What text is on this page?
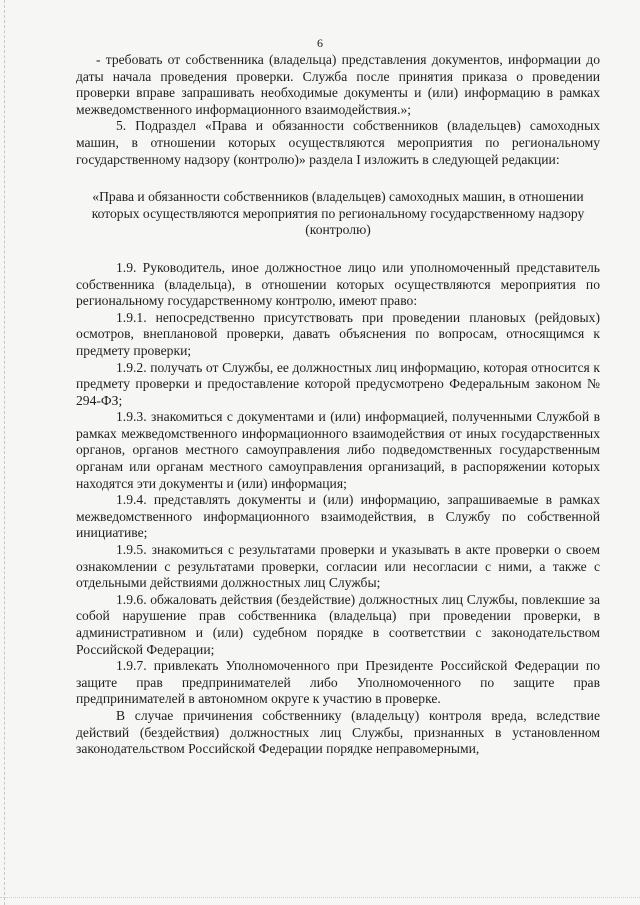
6

- требовать от собственника (владельца) представления документов, информации до даты начала проведения проверки. Служба после принятия приказа о проведении проверки вправе запрашивать необходимые документы и (или) информацию в рамках межведомственного информационного взаимодействия.»;

5. Подраздел «Права и обязанности собственников (владельцев) самоходных машин, в отношении которых осуществляются мероприятия по региональному государственному надзору (контролю)» раздела I изложить в следующей редакции:

«Права и обязанности собственников (владельцев) самоходных машин, в отношении которых осуществляются мероприятия по региональному государственному надзору (контролю)

1.9. Руководитель, иное должностное лицо или уполномоченный представитель собственника (владельца), в отношении которых осуществляются мероприятия по региональному государственному контролю, имеют право:

1.9.1. непосредственно присутствовать при проведении плановых (рейдовых) осмотров, внеплановой проверки, давать объяснения по вопросам, относящимся к предмету проверки;

1.9.2. получать от Службы, ее должностных лиц информацию, которая относится к предмету проверки и предоставление которой предусмотрено Федеральным законом № 294-ФЗ;

1.9.3. знакомиться с документами и (или) информацией, полученными Службой в рамках межведомственного информационного взаимодействия от иных государственных органов, органов местного самоуправления либо подведомственных государственным органам или органам местного самоуправления организаций, в распоряжении которых находятся эти документы и (или) информация;

1.9.4. представлять документы и (или) информацию, запрашиваемые в рамках межведомственного информационного взаимодействия, в Службу по собственной инициативе;

1.9.5. знакомиться с результатами проверки и указывать в акте проверки о своем ознакомлении с результатами проверки, согласии или несогласии с ними, а также с отдельными действиями должностных лиц Службы;

1.9.6. обжаловать действия (бездействие) должностных лиц Службы, повлекшие за собой нарушение прав собственника (владельца) при проведении проверки, в административном и (или) судебном порядке в соответствии с законодательством Российской Федерации;

1.9.7. привлекать Уполномоченного при Президенте Российской Федерации по защите прав предпринимателей либо Уполномоченного по защите прав предпринимателей в автономном округе к участию в проверке.

В случае причинения собственнику (владельцу) контроля вреда, вследствие действий (бездействия) должностных лиц Службы, признанных в установленном законодательством Российской Федерации порядке неправомерными,
